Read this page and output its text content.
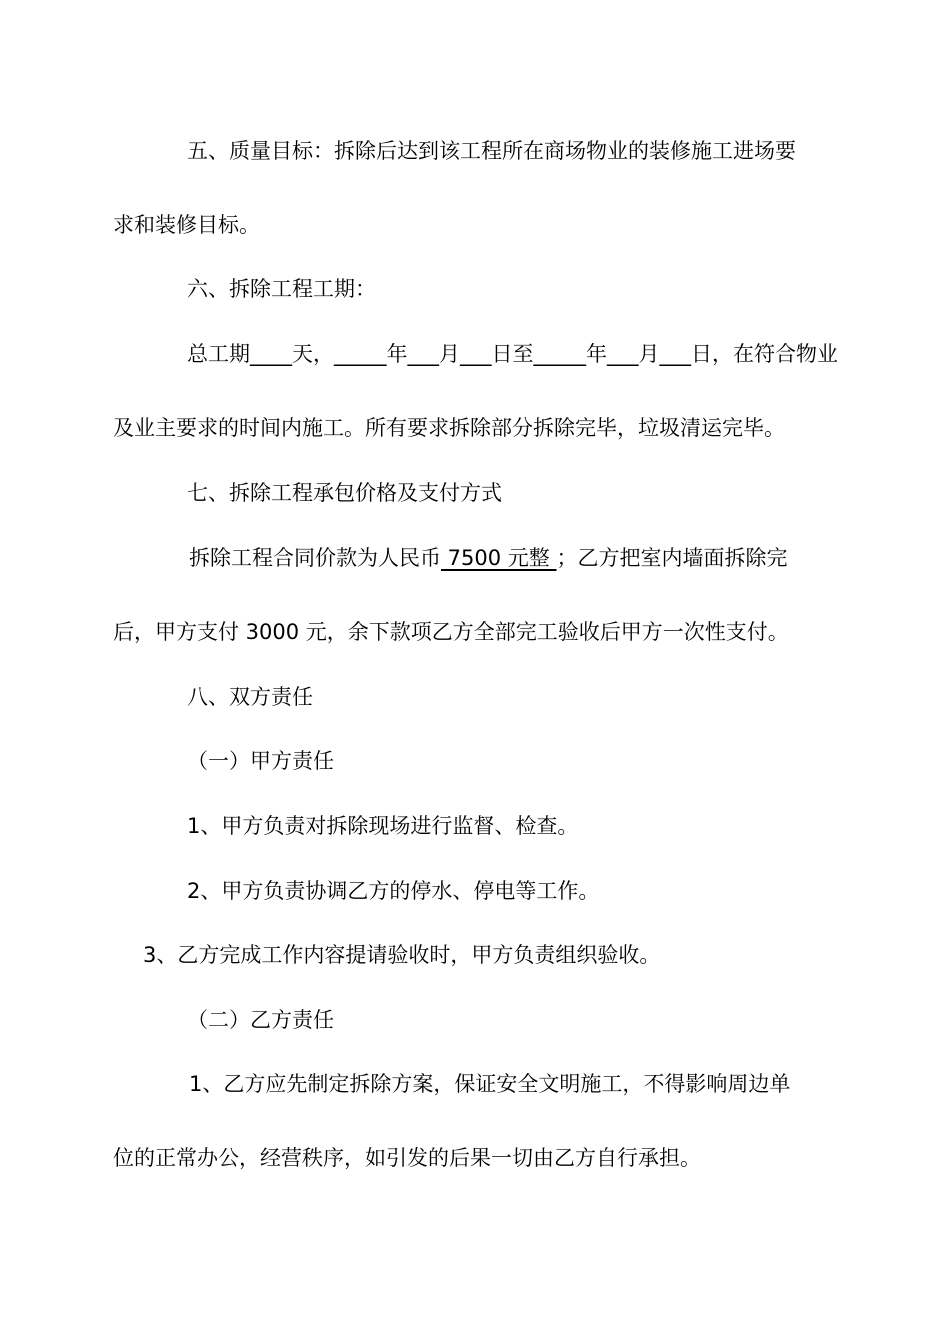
五、质量目标：拆除后达到该工程所在商场物业的装修施工进场要
求和装修目标。
六、拆除工程工期：
总工期____天，_____年___月___日至_____年___月___日，在符合物业
及业主要求的时间内施工。所有要求拆除部分拆除完毕，垃圾清运完毕。
七、拆除工程承包价格及支付方式
拆除工程合同价款为人民币 7500 元整 ；乙方把室内墙面拆除完
后，甲方支付 3000 元，余下款项乙方全部完工验收后甲方一次性支付。
八、双方责任
（一）甲方责任
1、甲方负责对拆除现场进行监督、检查。
2、甲方负责协调乙方的停水、停电等工作。
3、乙方完成工作内容提请验收时，甲方负责组织验收。
（二）乙方责任
1、乙方应先制定拆除方案，保证安全文明施工，不得影响周边单
位的正常办公，经营秩序，如引发的后果一切由乙方自行承担。
